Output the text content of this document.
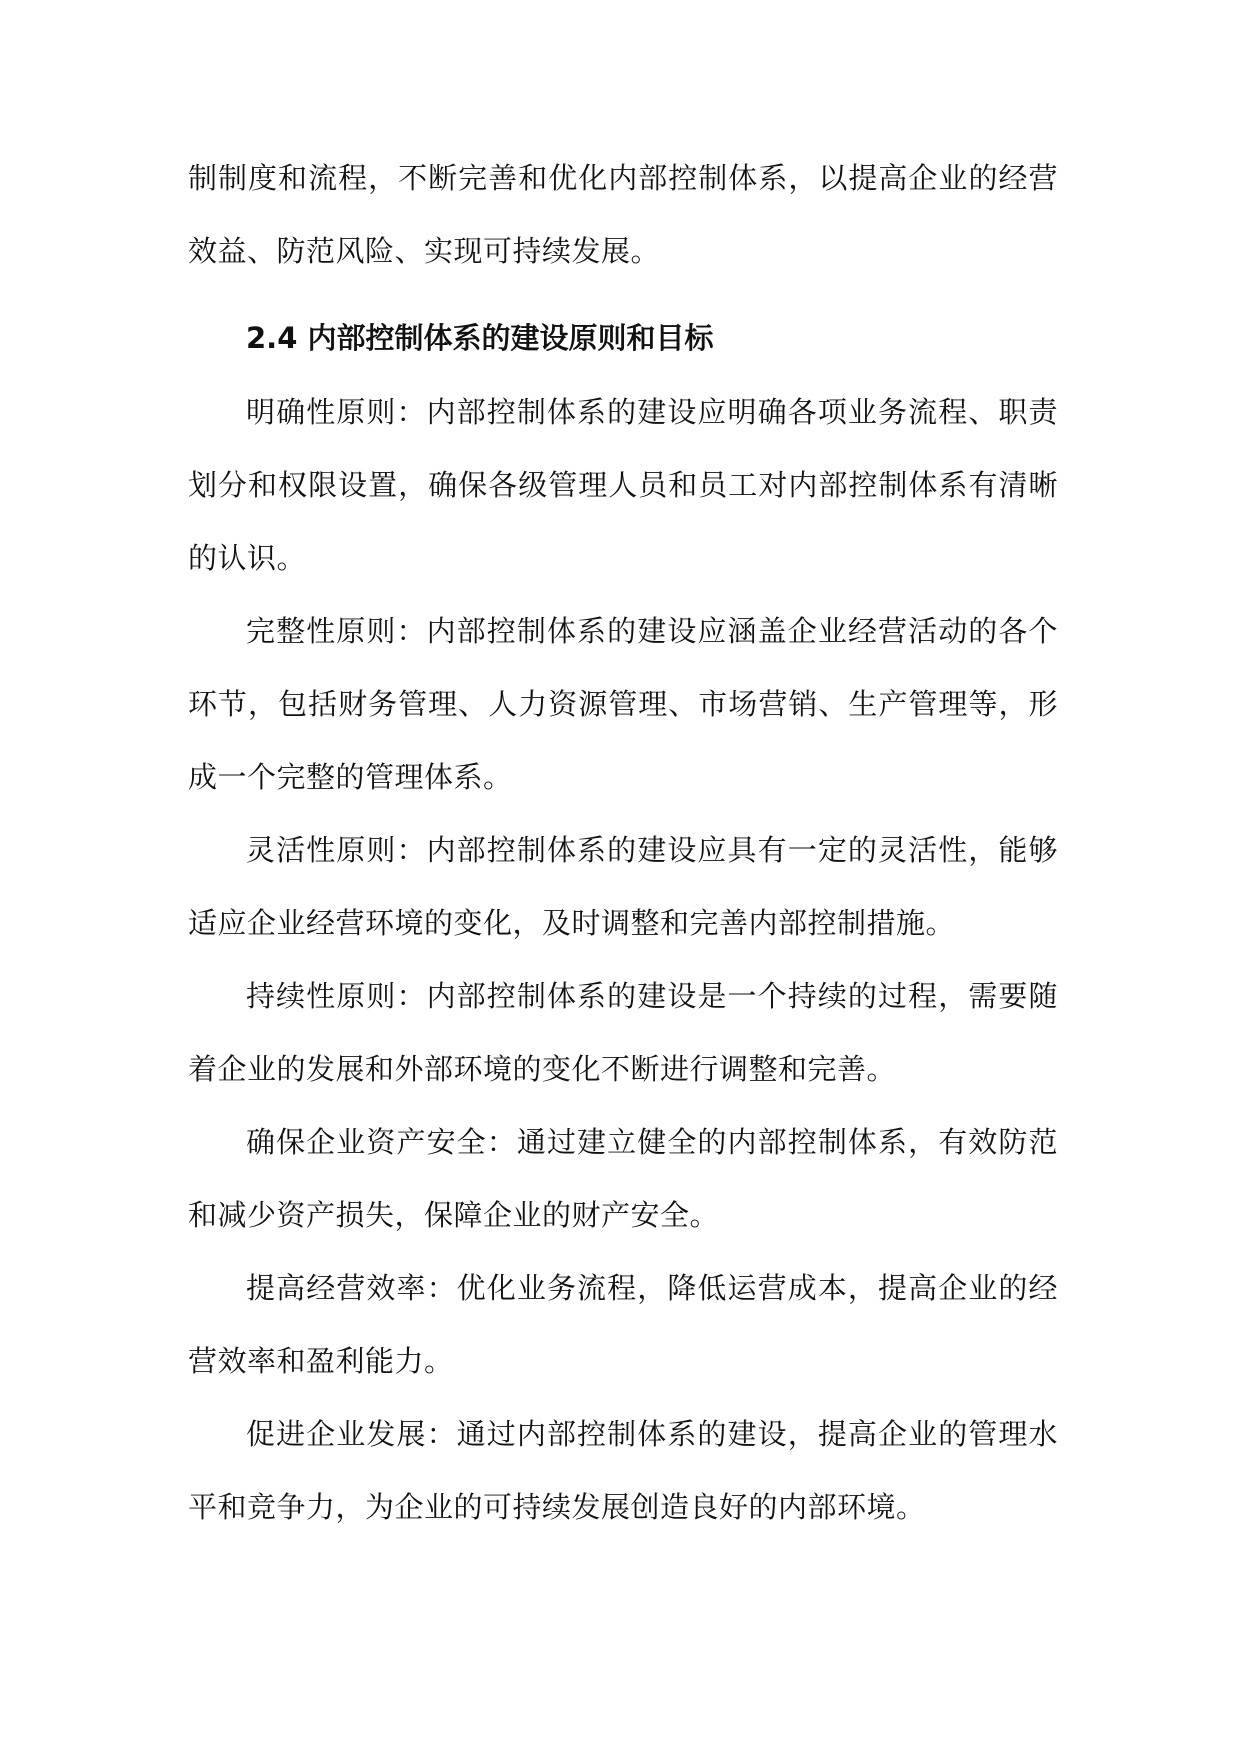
制制度和流程，不断完善和优化内部控制体系，以提高企业的经营效益、防范风险、实现可持续发展。

2.4 内部控制体系的建设原则和目标

明确性原则：内部控制体系的建设应明确各项业务流程、职责划分和权限设置，确保各级管理人员和员工对内部控制体系有清晰的认识。

完整性原则：内部控制体系的建设应涵盖企业经营活动的各个环节，包括财务管理、人力资源管理、市场营销、生产管理等，形成一个完整的管理体系。

灵活性原则：内部控制体系的建设应具有一定的灵活性，能够适应企业经营环境的变化，及时调整和完善内部控制措施。

持续性原则：内部控制体系的建设是一个持续的过程，需要随着企业的发展和外部环境的变化不断进行调整和完善。

确保企业资产安全：通过建立健全的内部控制体系，有效防范和减少资产损失，保障企业的财产安全。

提高经营效率：优化业务流程，降低运营成本，提高企业的经营效率和盈利能力。

促进企业发展：通过内部控制体系的建设，提高企业的管理水平和竞争力，为企业的可持续发展创造良好的内部环境。
